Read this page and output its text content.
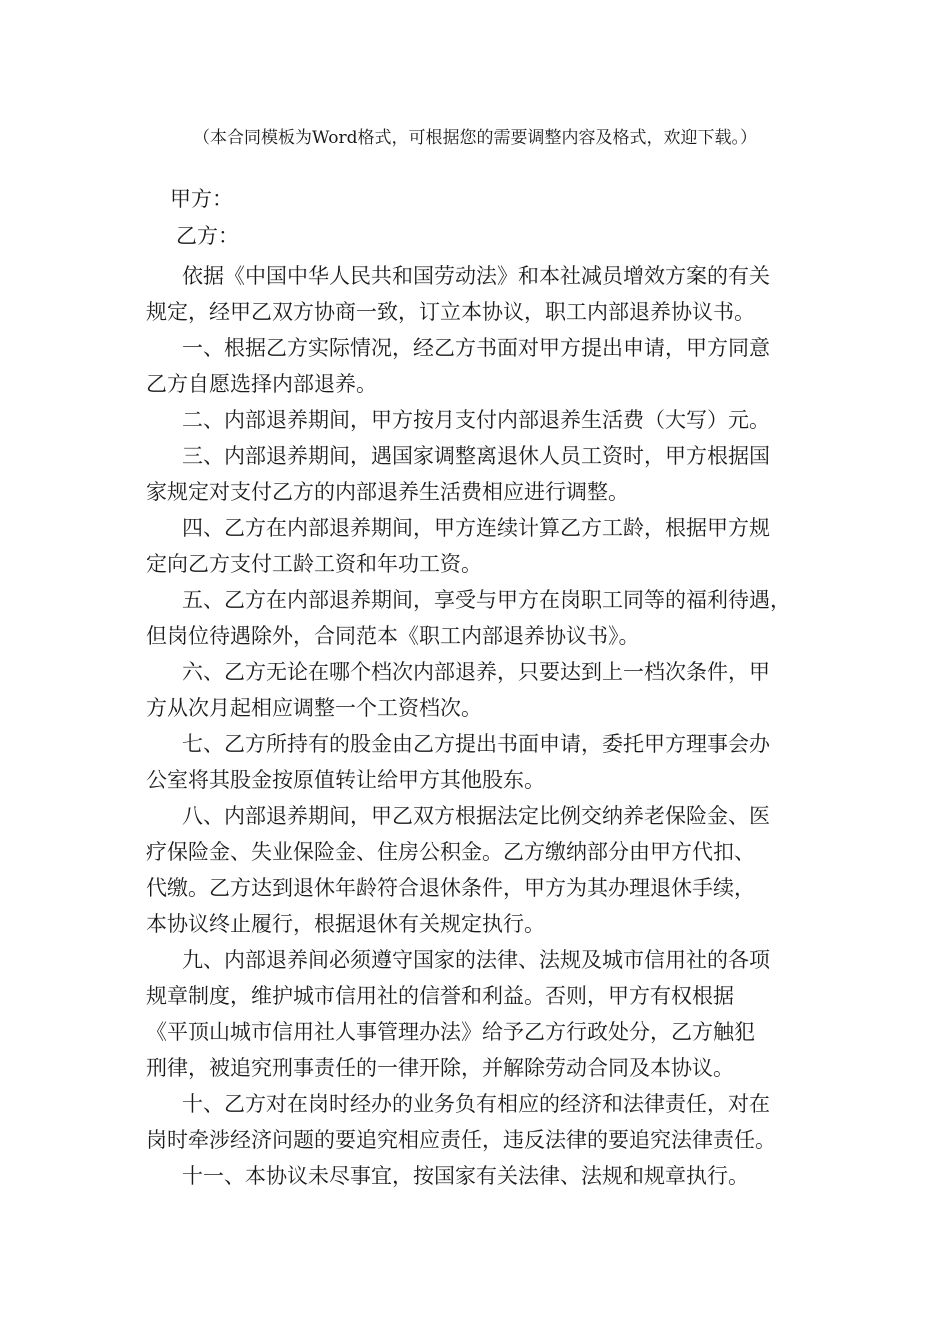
（本合同模板为Word格式，可根据您的需要调整内容及格式，欢迎下载。）
甲方：
乙方：

依据《中国中华人民共和国劳动法》和本社减员增效方案的有关
规定，经甲乙双方协商一致，订立本协议，职工内部退养协议书。

一、根据乙方实际情况，经乙方书面对甲方提出申请，甲方同意
乙方自愿选择内部退养。

二、内部退养期间，甲方按月支付内部退养生活费（大写）元。

三、内部退养期间，遇国家调整离退休人员工资时，甲方根据国
家规定对支付乙方的内部退养生活费相应进行调整。

四、乙方在内部退养期间，甲方连续计算乙方工龄，根据甲方规
定向乙方支付工龄工资和年功工资。

五、乙方在内部退养期间，享受与甲方在岗职工同等的福利待遇，
但岗位待遇除外，合同范本《职工内部退养协议书》。

六、乙方无论在哪个档次内部退养，只要达到上一档次条件，甲
方从次月起相应调整一个工资档次。

七、乙方所持有的股金由乙方提出书面申请，委托甲方理事会办
公室将其股金按原值转让给甲方其他股东。

八、内部退养期间，甲乙双方根据法定比例交纳养老保险金、医
疗保险金、失业保险金、住房公积金。乙方缴纳部分由甲方代扣、
代缴。乙方达到退休年龄符合退休条件，甲方为其办理退休手续，
本协议终止履行，根据退休有关规定执行。

九、内部退养间必须遵守国家的法律、法规及城市信用社的各项
规章制度，维护城市信用社的信誉和利益。否则，甲方有权根据
《平顶山城市信用社人事管理办法》给予乙方行政处分，乙方触犯
刑律，被追究刑事责任的一律开除，并解除劳动合同及本协议。

十、乙方对在岗时经办的业务负有相应的经济和法律责任，对在
岗时牵涉经济问题的要追究相应责任，违反法律的要追究法律责任。

十一、本协议未尽事宜，按国家有关法律、法规和规章执行。
